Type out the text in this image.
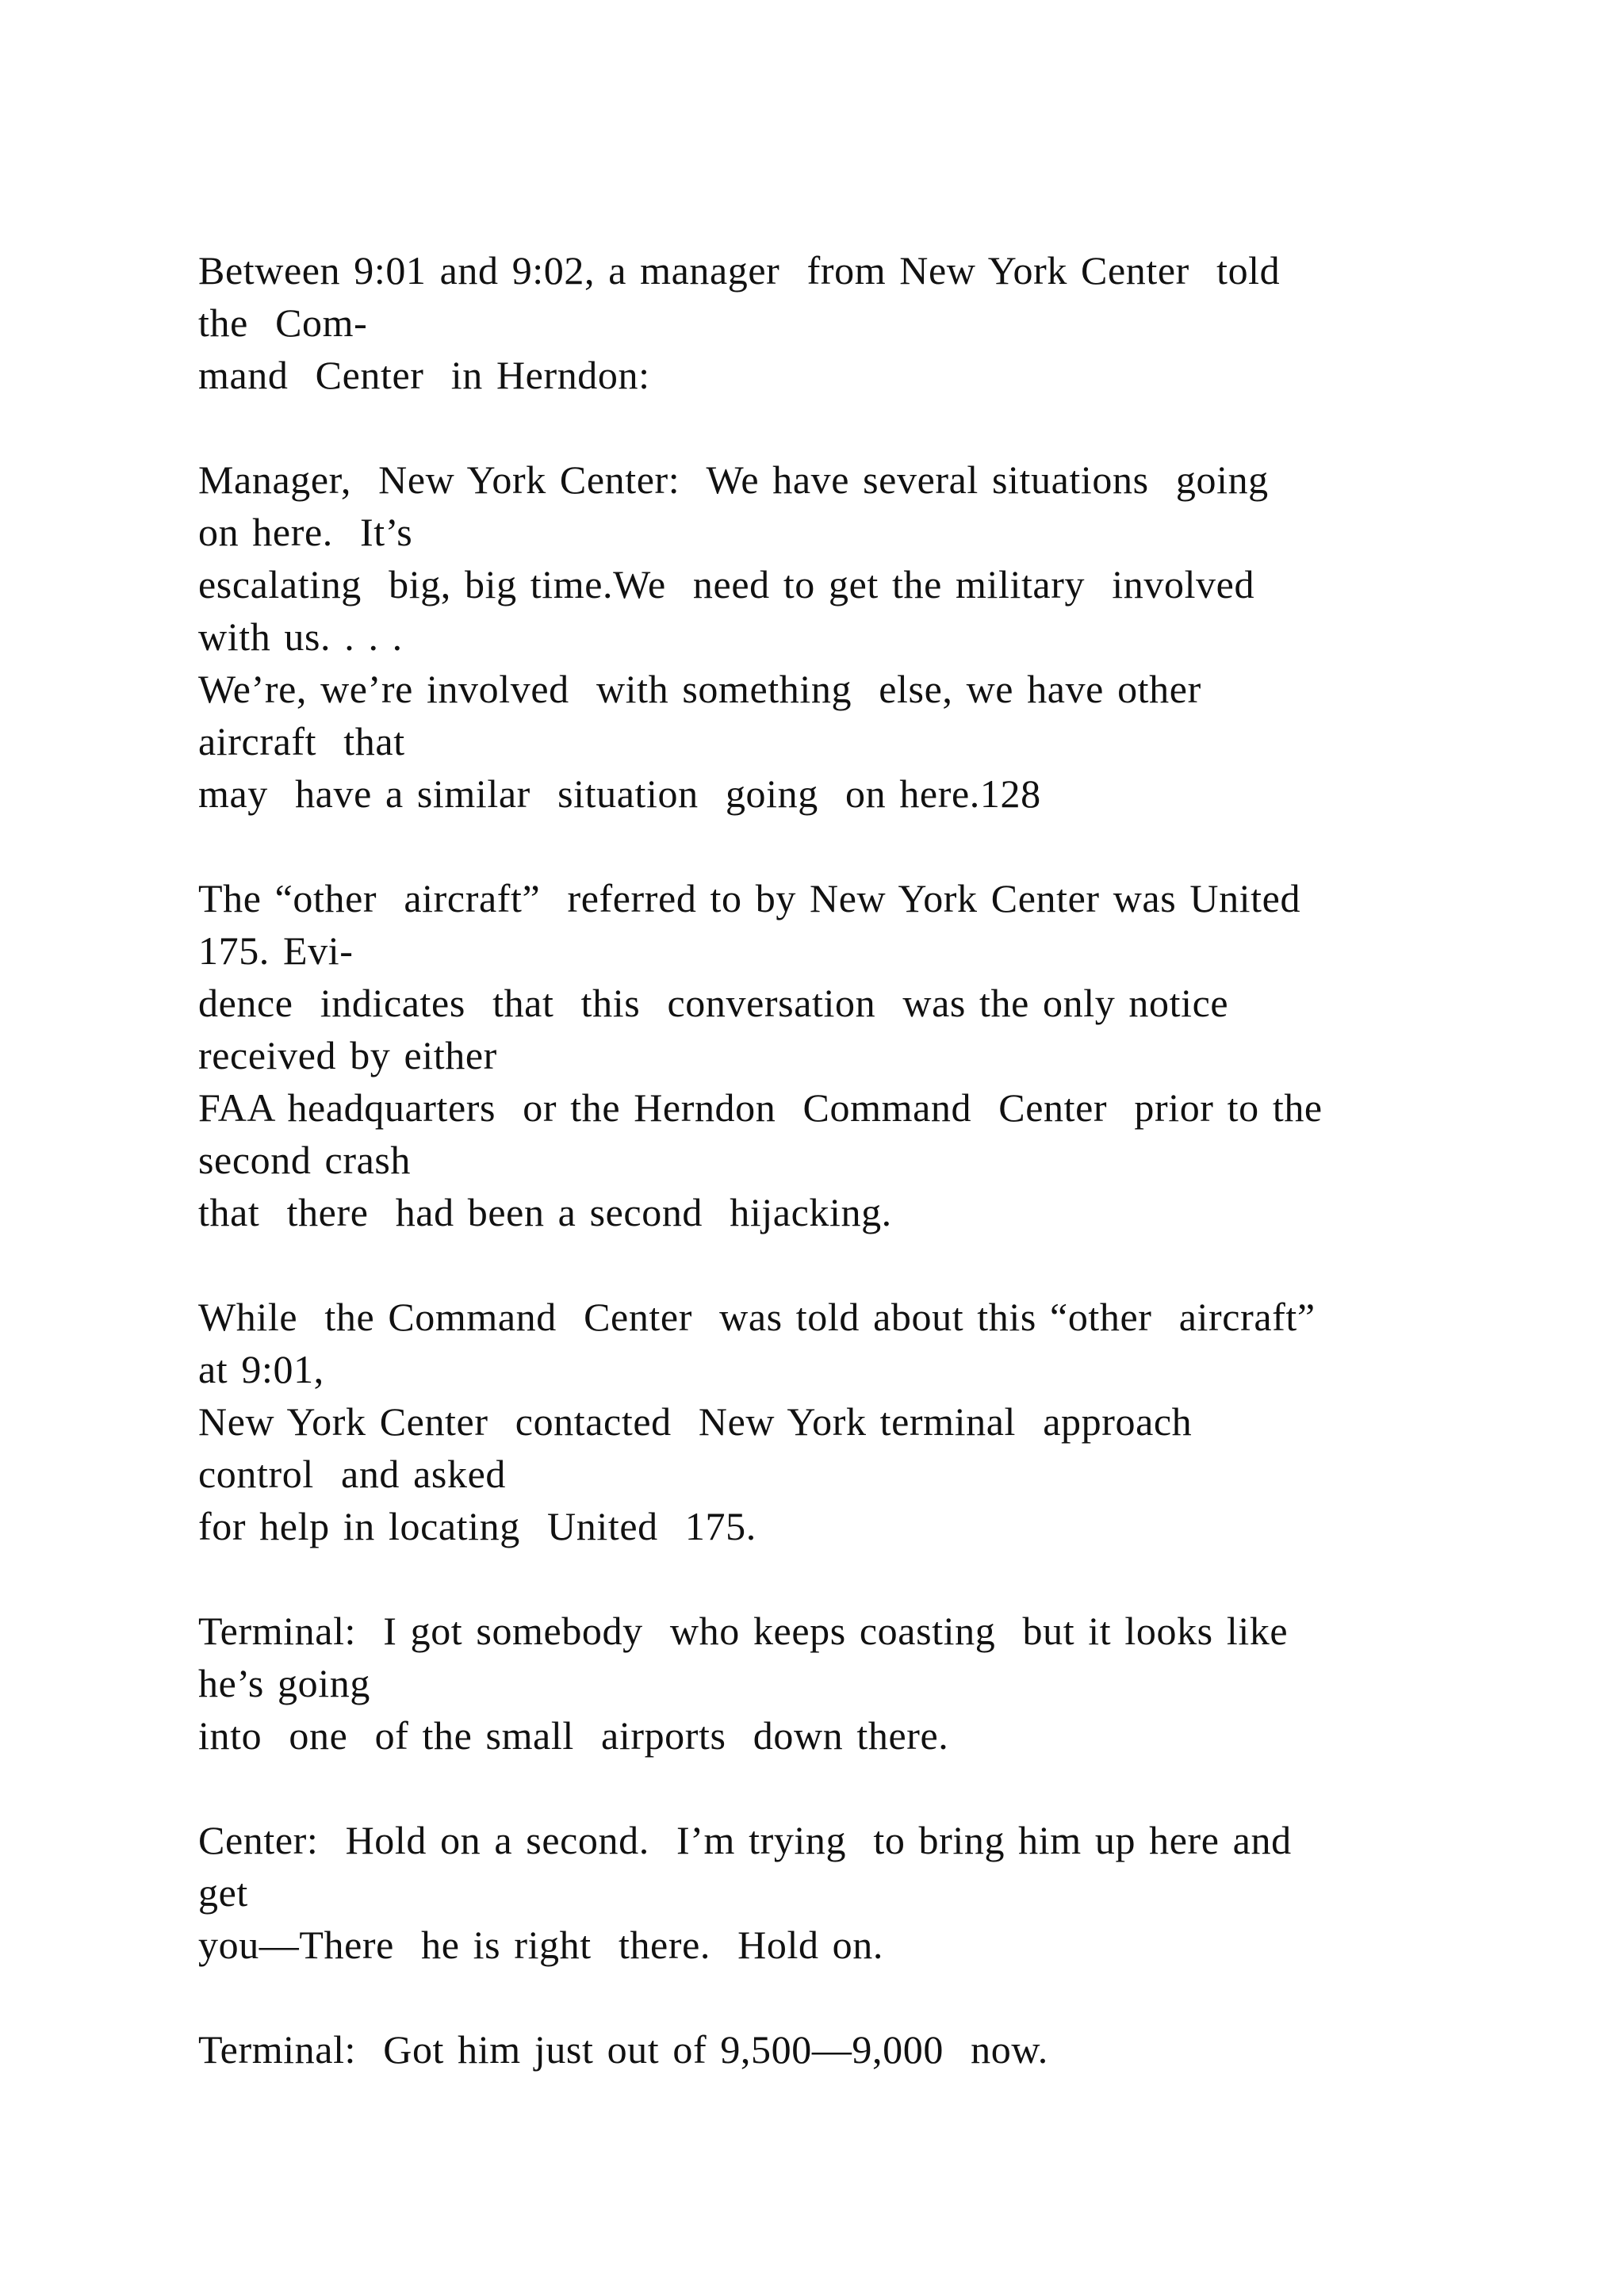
Between 9:01 and 9:02, a manager  from New York Center  told
the  Com-
mand  Center  in Herndon:

Manager,  New York Center:  We have several situations  going
on here.  It’s
escalating  big, big time.We  need to get the military  involved
with us. . . .
We’re, we’re involved  with something  else, we have other
aircraft  that
may  have a similar  situation  going  on here.128

The “other  aircraft”  referred to by New York Center was United
175. Evi-
dence  indicates  that  this  conversation  was the only notice
received by either
FAA headquarters  or the Herndon  Command  Center  prior to the
second crash
that  there  had been a second  hijacking.

While  the Command  Center  was told about this “other  aircraft”
at 9:01,
New York Center  contacted  New York terminal  approach
control  and asked
for help in locating  United  175.

Terminal:  I got somebody  who keeps coasting  but it looks like
he’s going
into  one  of the small  airports  down there.

Center:  Hold on a second.  I’m trying  to bring him up here and
get
you—There  he is right  there.  Hold on.

Terminal:  Got him just out of 9,500—9,000  now.
